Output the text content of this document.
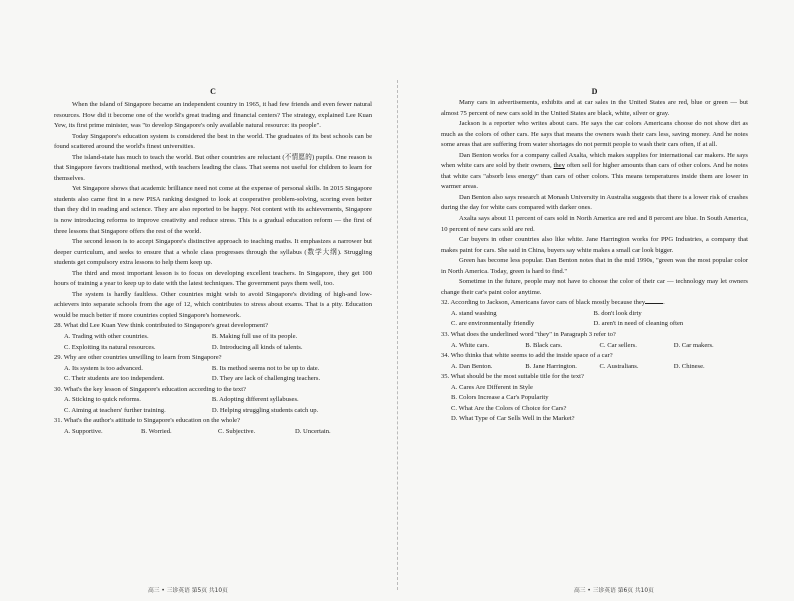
C

When the island of Singapore became an independent country in 1965, it had few friends and even fewer natural resources. How did it become one of the world's great trading and financial centers? The strategy, explained Lee Kuan Yew, its first prime minister, was "to develop Singapore's only available natural resource: its people".

Today Singapore's education system is considered the best in the world. The graduates of its best schools can be found scattered around the world's finest universities.

The island-state has much to teach the world. But other countries are reluctant (不情愿的) pupils. One reason is that Singapore favors traditional method, with teachers leading the class. That seems not useful for children to learn for themselves.

Yet Singapore shows that academic brilliance need not come at the expense of personal skills. In 2015 Singapore students also came first in a new PISA ranking designed to look at cooperative problem-solving, scoring even better than they did in reading and science. They are also reported to be happy. Not content with its achievements, Singapore is now introducing reforms to improve creativity and reduce stress. This is a gradual education reform — the first of three lessons that Singapore offers the rest of the world.

The second lesson is to accept Singapore's distinctive approach to teaching maths. It emphasizes a narrower but deeper curriculum, and seeks to ensure that a whole class progresses through the syllabus (数学大纲). Struggling students get compulsory extra lessons to help them keep up.

The third and most important lesson is to focus on developing excellent teachers. In Singapore, they get 100 hours of training a year to keep up to date with the latest techniques. The government pays them well, too.

The system is hardly faultless. Other countries might wish to avoid Singapore's dividing of high-and low-achievers into separate schools from the age of 12, which contributes to stress about exams. That is a pity. Education would be much better if more countries copied Singapore's homework.

28. What did Lee Kuan Yew think contributed to Singapore's great development?
A. Trading with other countries.	B. Making full use of its people.
C. Exploiting its natural resources.	D. Introducing all kinds of talents.
29. Why are other countries unwilling to learn from Singapore?
A. Its system is too advanced.	B. Its method seems not to be up to date.
C. Their students are too independent.	D. They are lack of challenging teachers.
30. What's the key lesson of Singapore's education according to the text?
A. Sticking to quick reforms.	B. Adopting different syllabuses.
C. Aiming at teachers' further training.	D. Helping struggling students catch up.
31. What's the author's attitude to Singapore's education on the whole?
A. Supportive.	B. Worried.	C. Subjective.	D. Uncertain.
D

Many cars in advertisements, exhibits and at car sales in the United States are red, blue or green — but almost 75 percent of new cars sold in the United States are black, white, silver or gray.

Jackson is a reporter who writes about cars. He says the car colors Americans choose do not show dirt as much as the colors of other cars. He says that means the owners wash their cars less, saving money. And he notes some areas that are suffering from water shortages do not permit people to wash their cars often, if at all.

Dan Benton works for a company called Axalta, which makes supplies for international car makers. He says when white cars are sold by their owners, they often sell for higher amounts than cars of other colors. And he notes that white cars "absorb less energy" than cars of other colors. This means temperatures inside them are lower in warmer areas.

Dan Benton also says research at Monash University in Australia suggests that there is a lower risk of crashes during the day for white cars compared with darker ones.

Axalta says about 11 percent of cars sold in North America are red and 8 percent are blue. In South America, 10 percent of new cars sold are red.

Car buyers in other countries also like white. Jane Harrington works for PPG Industries, a company that makes paint for cars. She said in China, buyers say white makes a small car look bigger.

Green has become less popular. Dan Benton notes that in the mid 1990s, "green was the most popular color in North America. Today, green is hard to find."

Sometime in the future, people may not have to choose the color of their car — technology may let owners change their car's paint color anytime.

32. According to Jackson, Americans favor cars of black mostly because they	.
A. stand washing	B. don't look dirty
C. are environmentally friendly	D. aren't in need of cleaning often
33. What does the underlined word "they" in Paragraph 3 refer to?
A. White cars.	B. Black cars.	C. Car sellers.	D. Car makers.
34. Who thinks that white seems to add the inside space of a car?
A. Dan Benton.	B. Jane Harrington.	C. Australians.	D. Chinese.
35. What should be the most suitable title for the text?
A. Cares Are Different in Style
B. Colors Increase a Car's Popularity
C. What Are the Colors of Choice for Cars?
D. What Type of Car Sells Well in the Market?
高三 • 三诊英语 第5页 共10页	高三 • 三诊英语 第6页 共10页
